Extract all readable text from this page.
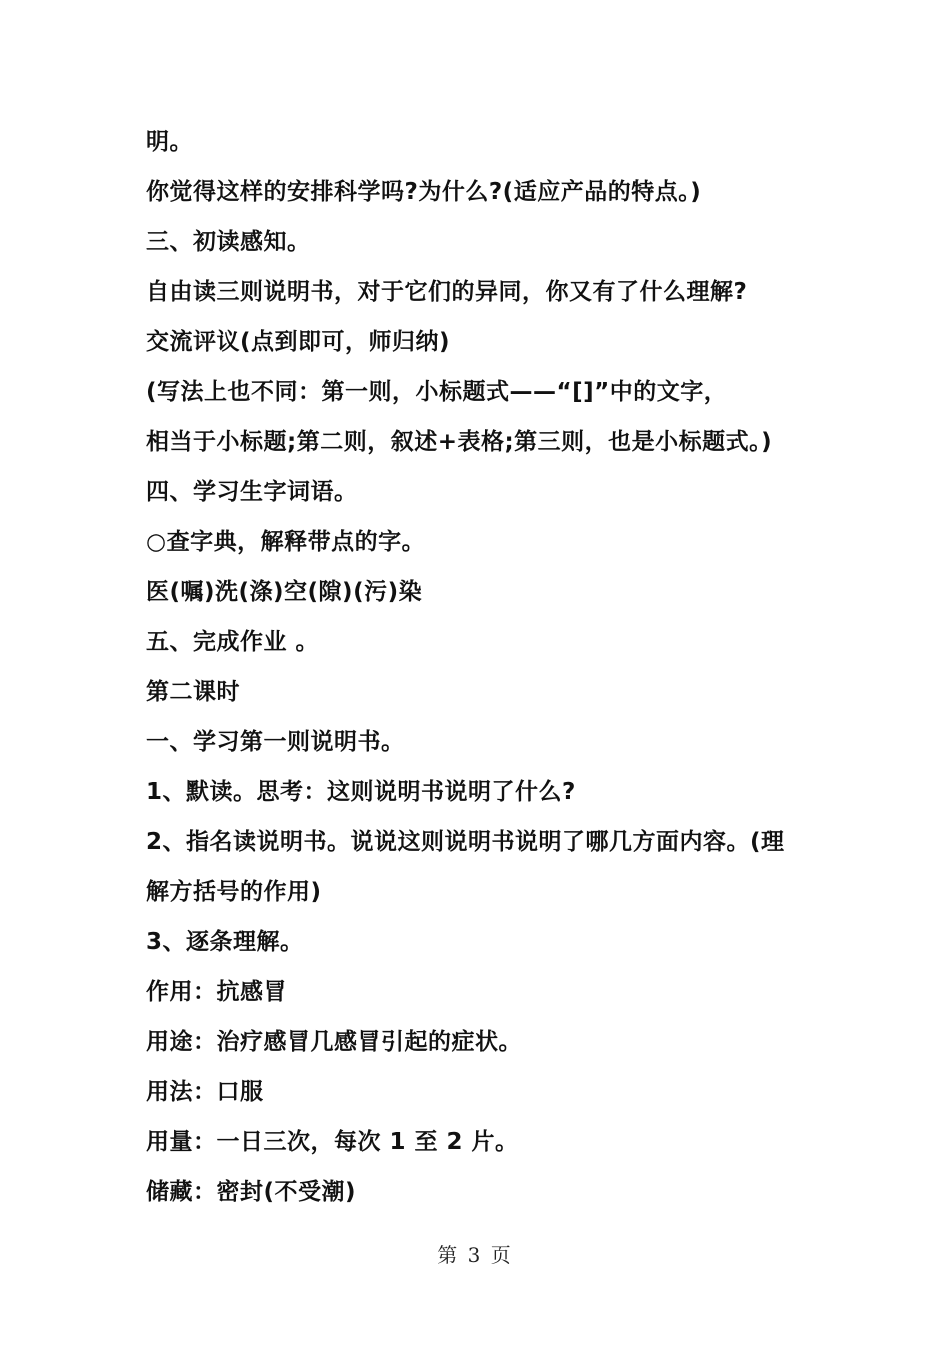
明。
你觉得这样的安排科学吗?为什么?(适应产品的特点。)
三、初读感知。
自由读三则说明书，对于它们的异同，你又有了什么理解?
交流评议(点到即可，师归纳)
(写法上也不同：第一则，小标题式——“[]”中的文字，
相当于小标题;第二则，叙述+表格;第三则，也是小标题式。)
四、学习生字词语。
○查字典，解释带点的字。
医(嘱)洗(涤)空(隙)(污)染
五、完成作业 。
第二课时
一、学习第一则说明书。
1、默读。思考：这则说明书说明了什么?
2、指名读说明书。说说这则说明书说明了哪几方面内容。(理
解方括号的作用)
3、逐条理解。
作用：抗感冒
用途：治疗感冒几感冒引起的症状。
用法：口服
用量：一日三次，每次 1 至 2 片。
储藏：密封(不受潮)
第 3 页
